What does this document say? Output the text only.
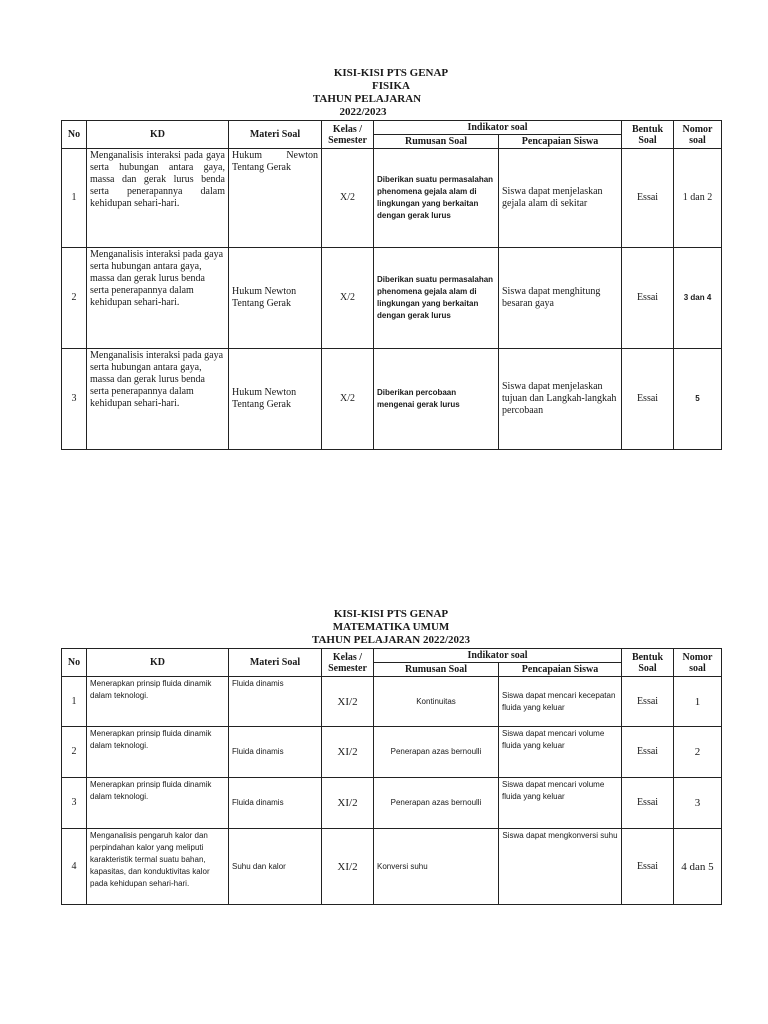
KISI-KISI PTS GENAP
FISIKA
TAHUN PELAJARAN
2022/2023
No	KD	Materi Soal	Kelas / Semester	Indikator soal		Bentuk Soal	Nomor soal
				Rumusan Soal	Pencapaian Siswa		
1	Menganalisis interaksi pada gaya serta hubungan antara gaya, massa dan gerak lurus benda serta penerapannya dalam kehidupan sehari-hari.	Hukum Newton Tentang Gerak	X/2	Diberikan suatu permasalahan phenomena gejala alam di lingkungan yang berkaitan dengan gerak lurus	Siswa dapat menjelaskan gejala alam di sekitar	Essai	1 dan 2
2	Menganalisis interaksi pada gaya serta hubungan antara gaya, massa dan gerak lurus benda serta penerapannya dalam kehidupan sehari-hari.	Hukum Newton Tentang Gerak	X/2	Diberikan suatu permasalahan phenomena gejala alam di lingkungan yang berkaitan dengan gerak lurus	Siswa dapat menghitung besaran gaya	Essai	3 dan 4
3	Menganalisis interaksi pada gaya serta hubungan antara gaya, massa dan gerak lurus benda serta penerapannya dalam kehidupan sehari-hari.	Hukum Newton Tentang Gerak	X/2	Diberikan percobaan mengenai gerak lurus	Siswa dapat menjelaskan tujuan dan Langkah-langkah percobaan	Essai	5
KISI-KISI PTS GENAP
MATEMATIKA UMUM
TAHUN PELAJARAN 2022/2023
No	KD	Materi Soal	Kelas / Semester	Indikator soal		Bentuk Soal	Nomor soal
				Rumusan Soal	Pencapaian Siswa		
1	Menerapkan prinsip fluida dinamik dalam teknologi.	Fluida dinamis	XI/2	Kontinuitas	Siswa dapat mencari kecepatan fluida yang keluar	Essai	1
2	Menerapkan prinsip fluida dinamik dalam teknologi.	Fluida dinamis	XI/2	Penerapan azas bernoulli	Siswa dapat mencari volume fluida yang keluar	Essai	2
3	Menerapkan prinsip fluida dinamik dalam teknologi.	Fluida dinamis	XI/2	Penerapan azas bernoulli	Siswa dapat mencari volume fluida yang keluar	Essai	3
4	Menganalisis pengaruh kalor dan perpindahan kalor yang meliputi karakteristik termal suatu bahan, kapasitas, dan konduktivitas kalor pada kehidupan sehari-hari.	Suhu dan kalor	XI/2	Konversi suhu	Siswa dapat mengkonversi suhu	Essai	4 dan 5
